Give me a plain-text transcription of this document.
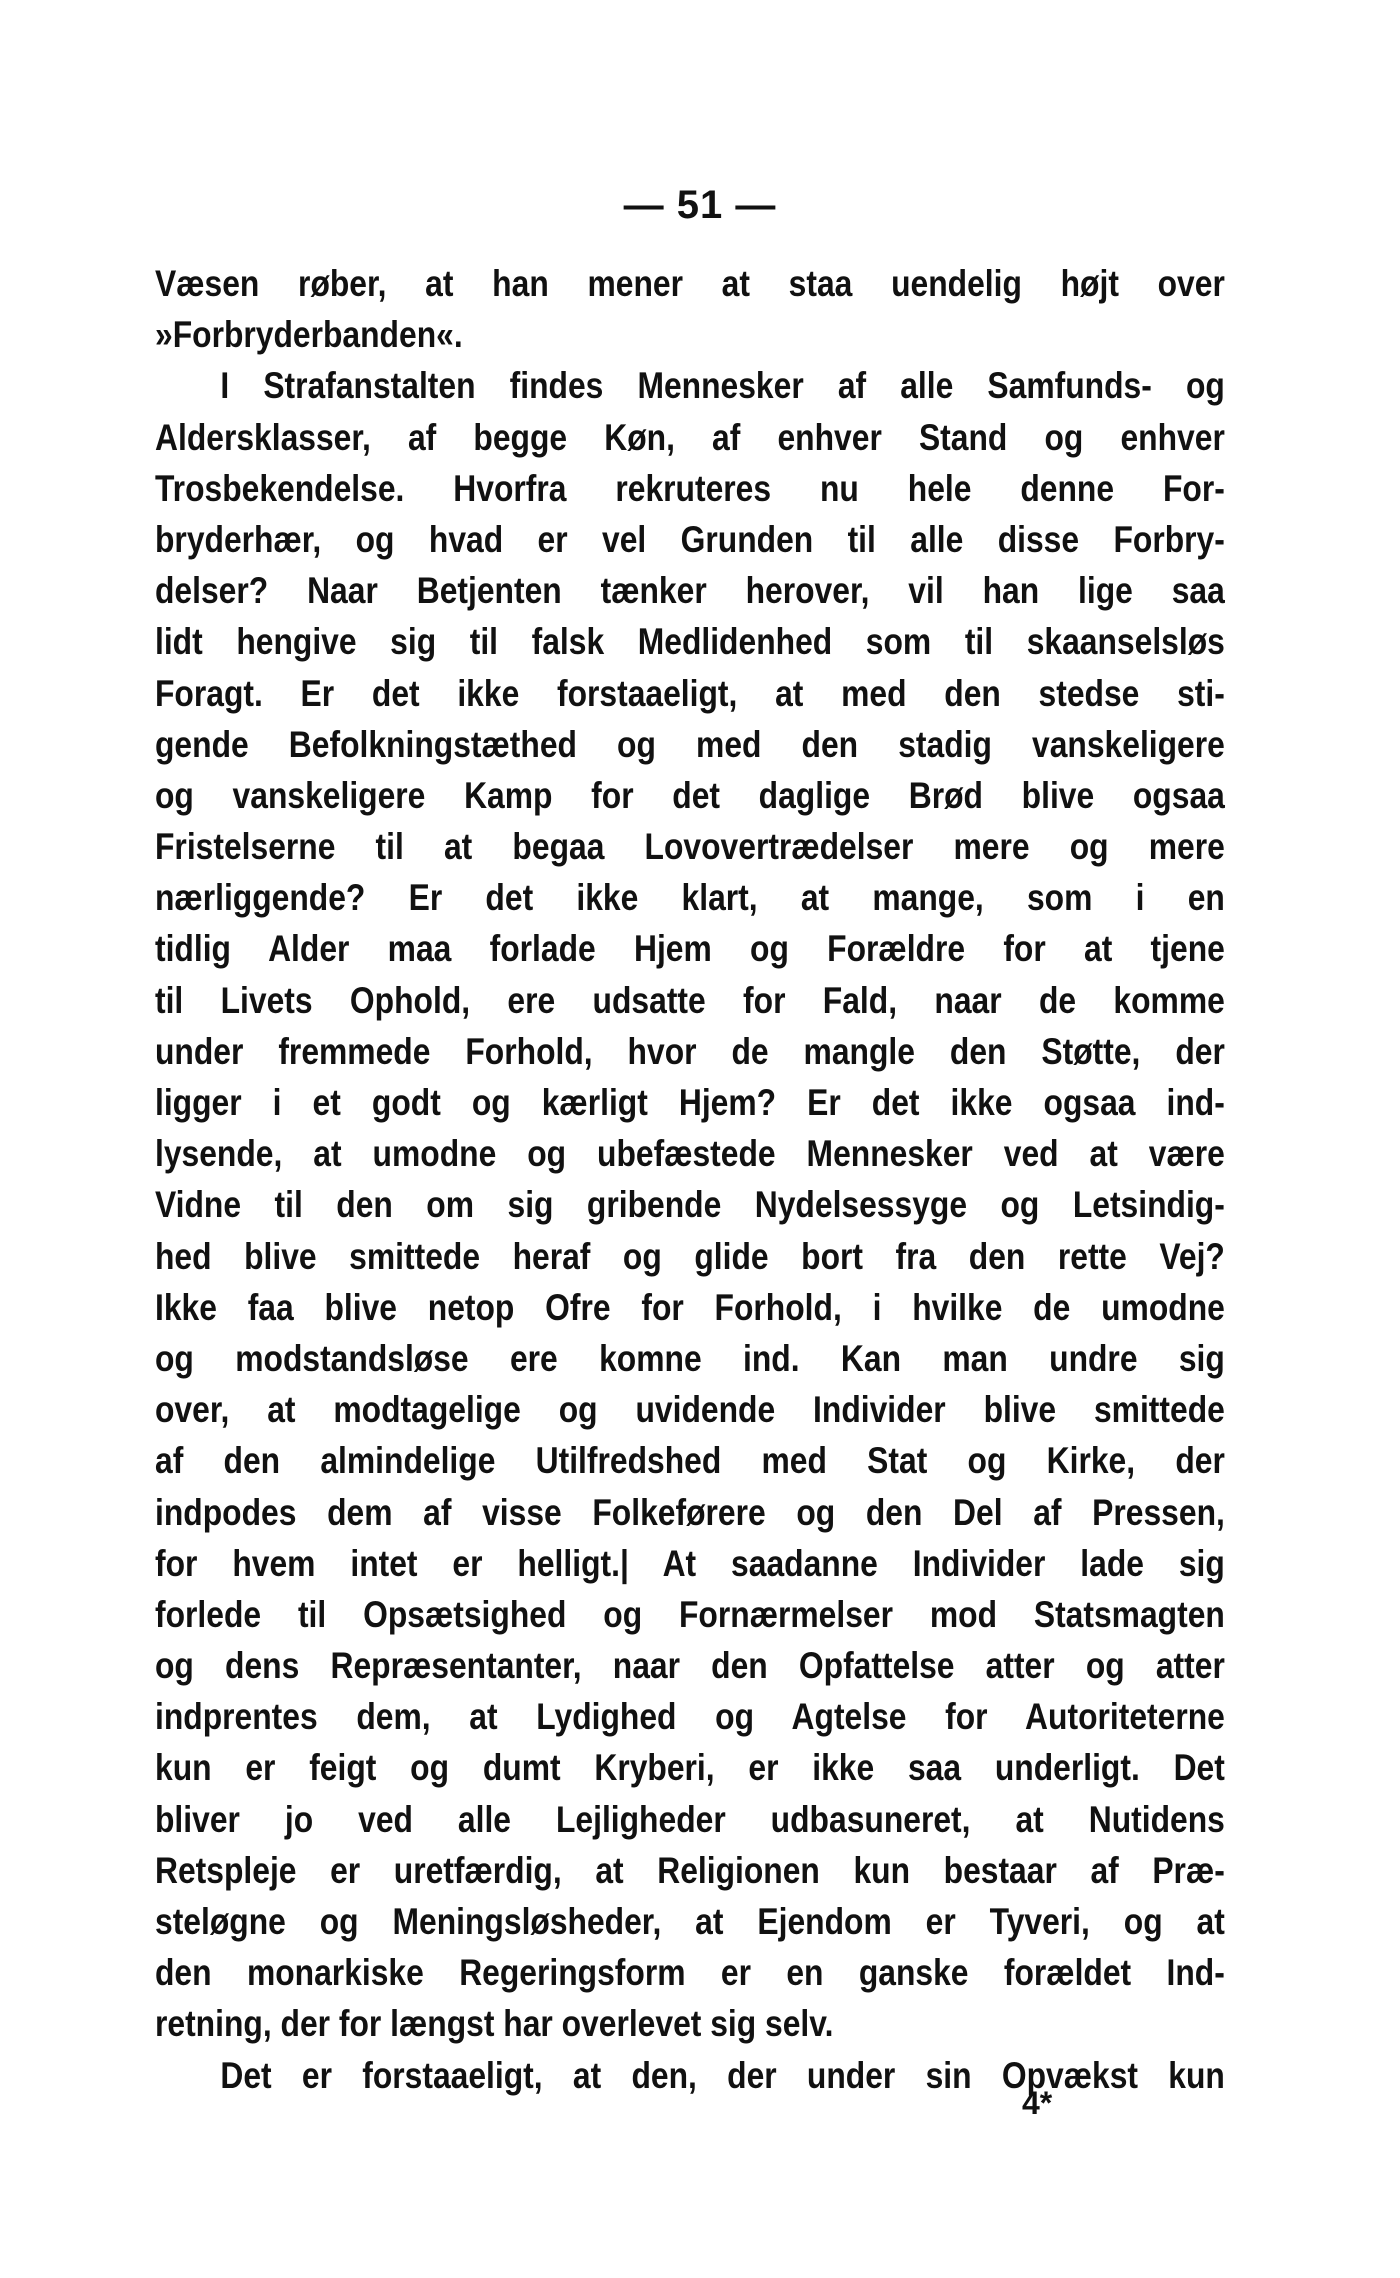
— 51 —
Væsen røber, at han mener at staa uendelig højt over
»Forbryderbanden«.
I Strafanstalten findes Mennesker af alle Samfunds- og
Aldersklasser, af begge Køn, af enhver Stand og enhver
Trosbekendelse. Hvorfra rekruteres nu hele denne For-
bryderhær, og hvad er vel Grunden til alle disse Forbry-
delser? Naar Betjenten tænker herover, vil han lige saa
lidt hengive sig til falsk Medlidenhed som til skaanselsløs
Foragt. Er det ikke forstaaeligt, at med den stedse sti-
gende Befolkningstæthed og med den stadig vanskeligere
og vanskeligere Kamp for det daglige Brød blive ogsaa
Fristelserne til at begaa Lovovertrædelser mere og mere
nærliggende? Er det ikke klart, at mange, som i en
tidlig Alder maa forlade Hjem og Forældre for at tjene
til Livets Ophold, ere udsatte for Fald, naar de komme
under fremmede Forhold, hvor de mangle den Støtte, der
ligger i et godt og kærligt Hjem? Er det ikke ogsaa ind-
lysende, at umodne og ubefæstede Mennesker ved at være
Vidne til den om sig gribende Nydelsessyge og Letsindig-
hed blive smittede heraf og glide bort fra den rette Vej?
Ikke faa blive netop Ofre for Forhold, i hvilke de umodne
og modstandsløse ere komne ind. Kan man undre sig
over, at modtagelige og uvidende Individer blive smittede
af den almindelige Utilfredshed med Stat og Kirke, der
indpodes dem af visse Folkeførere og den Del af Pressen,
for hvem intet er helligt.| At saadanne Individer lade sig
forlede til Opsætsighed og Fornærmelser mod Statsmagten
og dens Repræsentanter, naar den Opfattelse atter og atter
indprentes dem, at Lydighed og Agtelse for Autoriteterne
kun er feigt og dumt Kryberi, er ikke saa underligt. Det
bliver jo ved alle Lejligheder udbasuneret, at Nutidens
Retspleje er uretfærdig, at Religionen kun bestaar af Præ-
steløgne og Meningsløsheder, at Ejendom er Tyveri, og at
den monarkiske Regeringsform er en ganske forældet Ind-
retning, der for længst har overlevet sig selv.
Det er forstaaeligt, at den, der under sin Opvækst kun
4*
